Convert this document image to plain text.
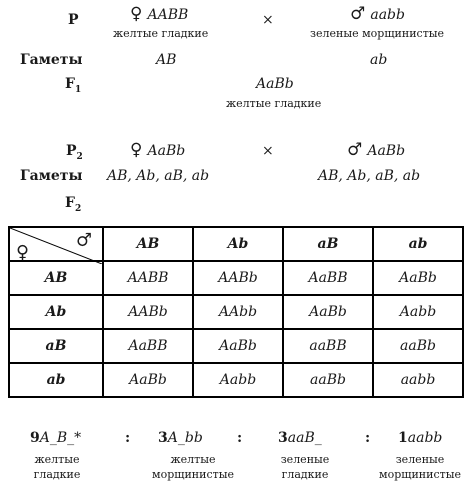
P	♀ AABB
желтые гладкие
×	♂ aabb
зеленые морщинистые
Гаметы	AB	ab
$F_1$	AaBb
желтые гладкие
$P_2$	♀ AaBb	×	♂ AaBb
Гаметы AB, Ab, aB, ab	AB, Ab, aB, ab
$F_2$
♀
♂	AB	Ab	aB	ab
AB	AABB	AABb	AaBB	AaBb
Ab	AABb	AAbb	AaBb	Aabb
aB	AaBB	AaBb	aaBB	aaBb
ab	AaBb	Aabb	aaBb	aabb
9A_B_*	: 3A_bb :	3aaB_	: 1aabb
желтые
гладкие
желтые
морщинистые
зеленые
гладкие
зеленые
морщинистые
